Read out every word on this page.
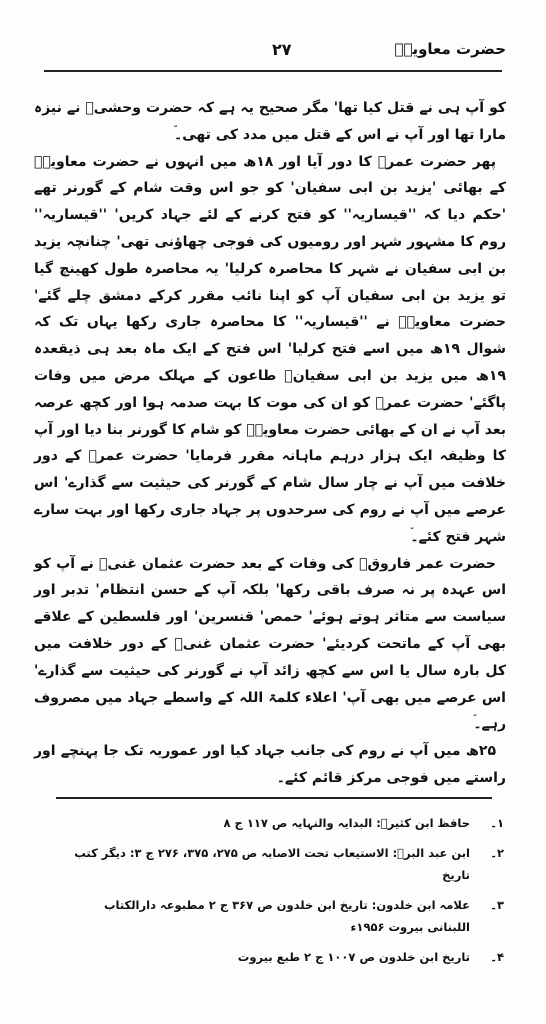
حضرت معاویہؓ
۲۷

کو آپ ہی نے قتل کیا تھا' مگر صحیح یہ ہے کہ حضرت وحشیؓ نے نیزہ مارا تھا اور آپ نے اس کے قتل میں مدد کی تھی۔

پھر حضرت عمرؓ کا دور آیا اور ۱۸ھ میں انہوں نے حضرت معاویہؓ کے بھائی 'یزید بن ابی سفیان' کو جو اس وقت شام کے گورنر تھے 'حکم دیا کہ ''قیساریہ'' کو فتح کرنے کے لئے جہاد کریں' ''قیساریہ'' روم کا مشہور شہر اور رومیوں کی فوجی چھاؤنی تھی' چنانچہ یزید بن ابی سفیان نے شہر کا محاصرہ کرلیا' یہ محاصرہ طول کھینچ گیا تو یزید بن ابی سفیان آپ کو اپنا نائب مقرر کرکے دمشق چلے گئے' حضرت معاویہؓ نے ''قیساریہ'' کا محاصرہ جاری رکھا یہاں تک کہ شوال ۱۹ھ میں اسے فتح کرلیا' اس فتح کے ایک ماہ بعد ہی ذیقعدہ ۱۹ھ میں یزید بن ابی سفیانؓ طاعون کے مہلک مرض میں وفات پاگئے' حضرت عمرؓ کو ان کی موت کا بہت صدمہ ہوا اور کچھ عرصہ بعد آپ نے ان کے بھائی حضرت معاویہؓ کو شام کا گورنر بنا دیا اور آپ کا وظیفہ ایک ہزار درہم ماہانہ مقرر فرمایا' حضرت عمرؓ کے دور خلافت میں آپ نے چار سال شام کے گورنر کی حیثیت سے گذارے' اس عرصے میں آپ نے روم کی سرحدوں پر جہاد جاری رکھا اور بہت سارے شہر فتح کئے۔

حضرت عمر فاروقؓ کی وفات کے بعد حضرت عثمان غنیؓ نے آپ کو اس عہدہ پر نہ صرف باقی رکھا' بلکہ آپ کے حسن انتظام' تدبر اور سیاست سے متاثر ہوتے ہوئے' حمص' قنسرین' اور فلسطین کے علاقے بھی آپ کے ماتحت کردیئے' حضرت عثمان غنیؓ کے دور خلافت میں کل بارہ سال یا اس سے کچھ زائد آپ نے گورنر کی حیثیت سے گذارے' اس عرصے میں بھی آپ' اعلاء کلمۃ اللہ کے واسطے جہاد میں مصروف رہے۔

۲۵ھ میں آپ نے روم کی جانب جہاد کیا اور عموریہ تک جا پہنچے اور راستے میں فوجی مرکز قائم کئے۔

۱۔
حافظ ابن کثیرؒ: البدایہ والنہایہ ص ۱۱۷ ج ۸
۲۔
ابن عبد البرؒ: الاستیعاب تحت الاصابہ ص ۲۷۵، ۳۷۵، ۲۷۶ ج ۳: دیگر کتب تاریخ
۳۔
علامہ ابن خلدون: تاریخ ابن خلدون ص ۳۶۷ ج ۲ مطبوعہ دارالکتاب اللبنانی بیروت ۱۹۵۶ء
۴۔
تاریخ ابن خلدون ص ۱۰۰۷ ج ۲ طبع بیروت
